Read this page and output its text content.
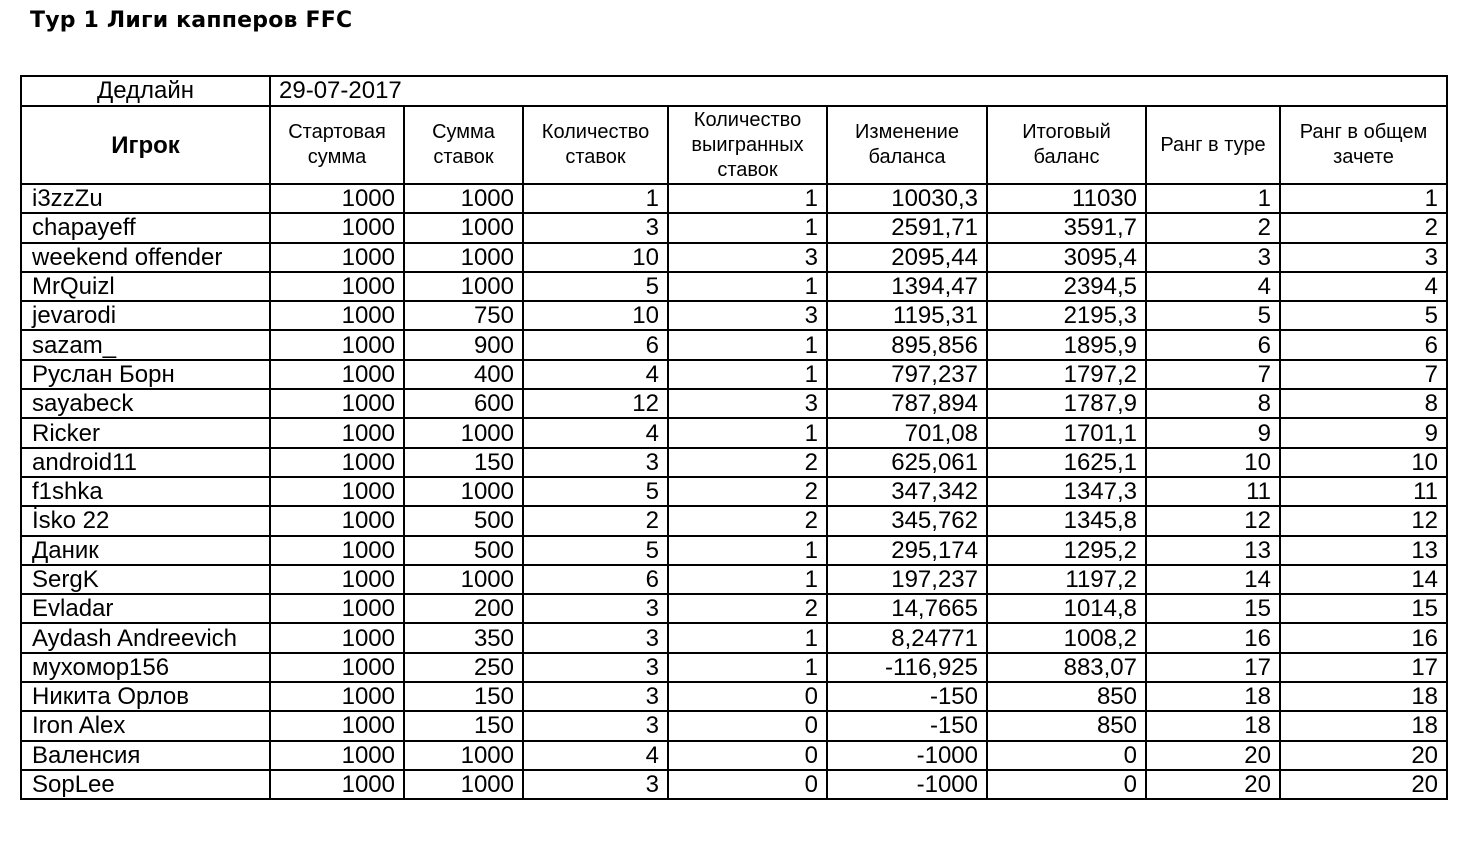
Тур 1 Лиги капперов FFC
Дедлайн	29-07-2017							
Игрок	Стартовая сумма	Сумма ставок	Количество ставок	Количество выигранных ставок	Изменение баланса	Итоговый баланс	Ранг в туре	Ранг в общем зачете
i3zzZu	1000	1000	1	1	10030,3	11030	1	1
chapayeff	1000	1000	3	1	2591,71	3591,7	2	2
weekend offender	1000	1000	10	3	2095,44	3095,4	3	3
MrQuizl	1000	1000	5	1	1394,47	2394,5	4	4
jevarodi	1000	750	10	3	1195,31	2195,3	5	5
sazam_	1000	900	6	1	895,856	1895,9	6	6
Руслан Борн	1000	400	4	1	797,237	1797,2	7	7
sayabeck	1000	600	12	3	787,894	1787,9	8	8
Ricker	1000	1000	4	1	701,08	1701,1	9	9
android11	1000	150	3	2	625,061	1625,1	10	10
f1shka	1000	1000	5	2	347,342	1347,3	11	11
İsko 22	1000	500	2	2	345,762	1345,8	12	12
Даник	1000	500	5	1	295,174	1295,2	13	13
SergK	1000	1000	6	1	197,237	1197,2	14	14
Evladar	1000	200	3	2	14,7665	1014,8	15	15
Aydash Andreevich	1000	350	3	1	8,24771	1008,2	16	16
мухомор156	1000	250	3	1	-116,925	883,07	17	17
Никита Орлов	1000	150	3	0	-150	850	18	18
Iron Alex	1000	150	3	0	-150	850	18	18
Валенсия	1000	1000	4	0	-1000	0	20	20
SopLee	1000	1000	3	0	-1000	0	20	20
